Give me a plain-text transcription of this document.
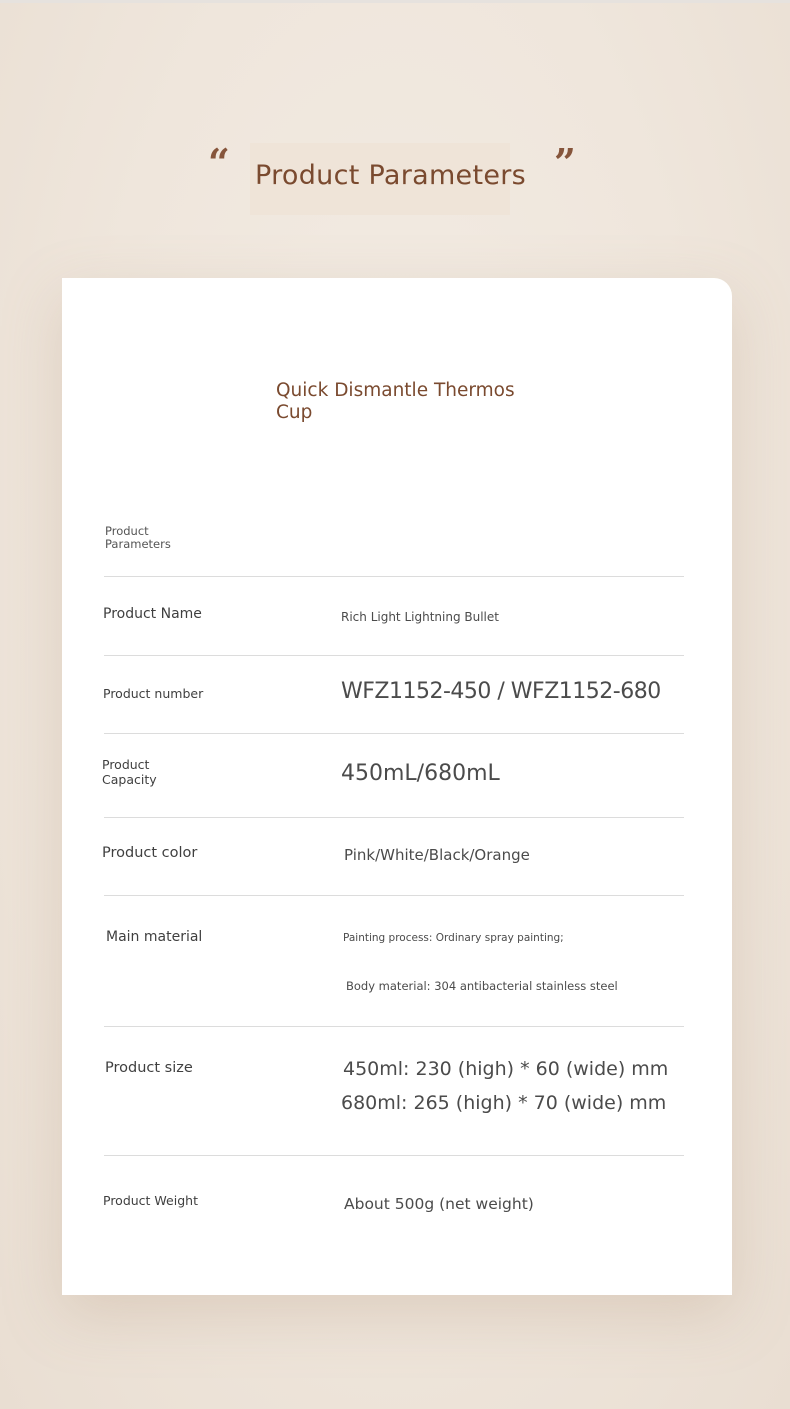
“	”
Product Parameters
Quick Dismantle Thermos Cup
Product Parameters
Product Name	Rich Light Lightning Bullet
Product number	WFZ1152-450 / WFZ1152-680
Product Capacity	450mL/680mL
Product color	Pink/White/Black/Orange
Main material	Painting process: Ordinary spray painting;
Body material: 304 antibacterial stainless steel
Product size	450ml: 230 (high) * 60 (wide) mm
680ml: 265 (high) * 70 (wide) mm
Product Weight	About 500g (net weight)
